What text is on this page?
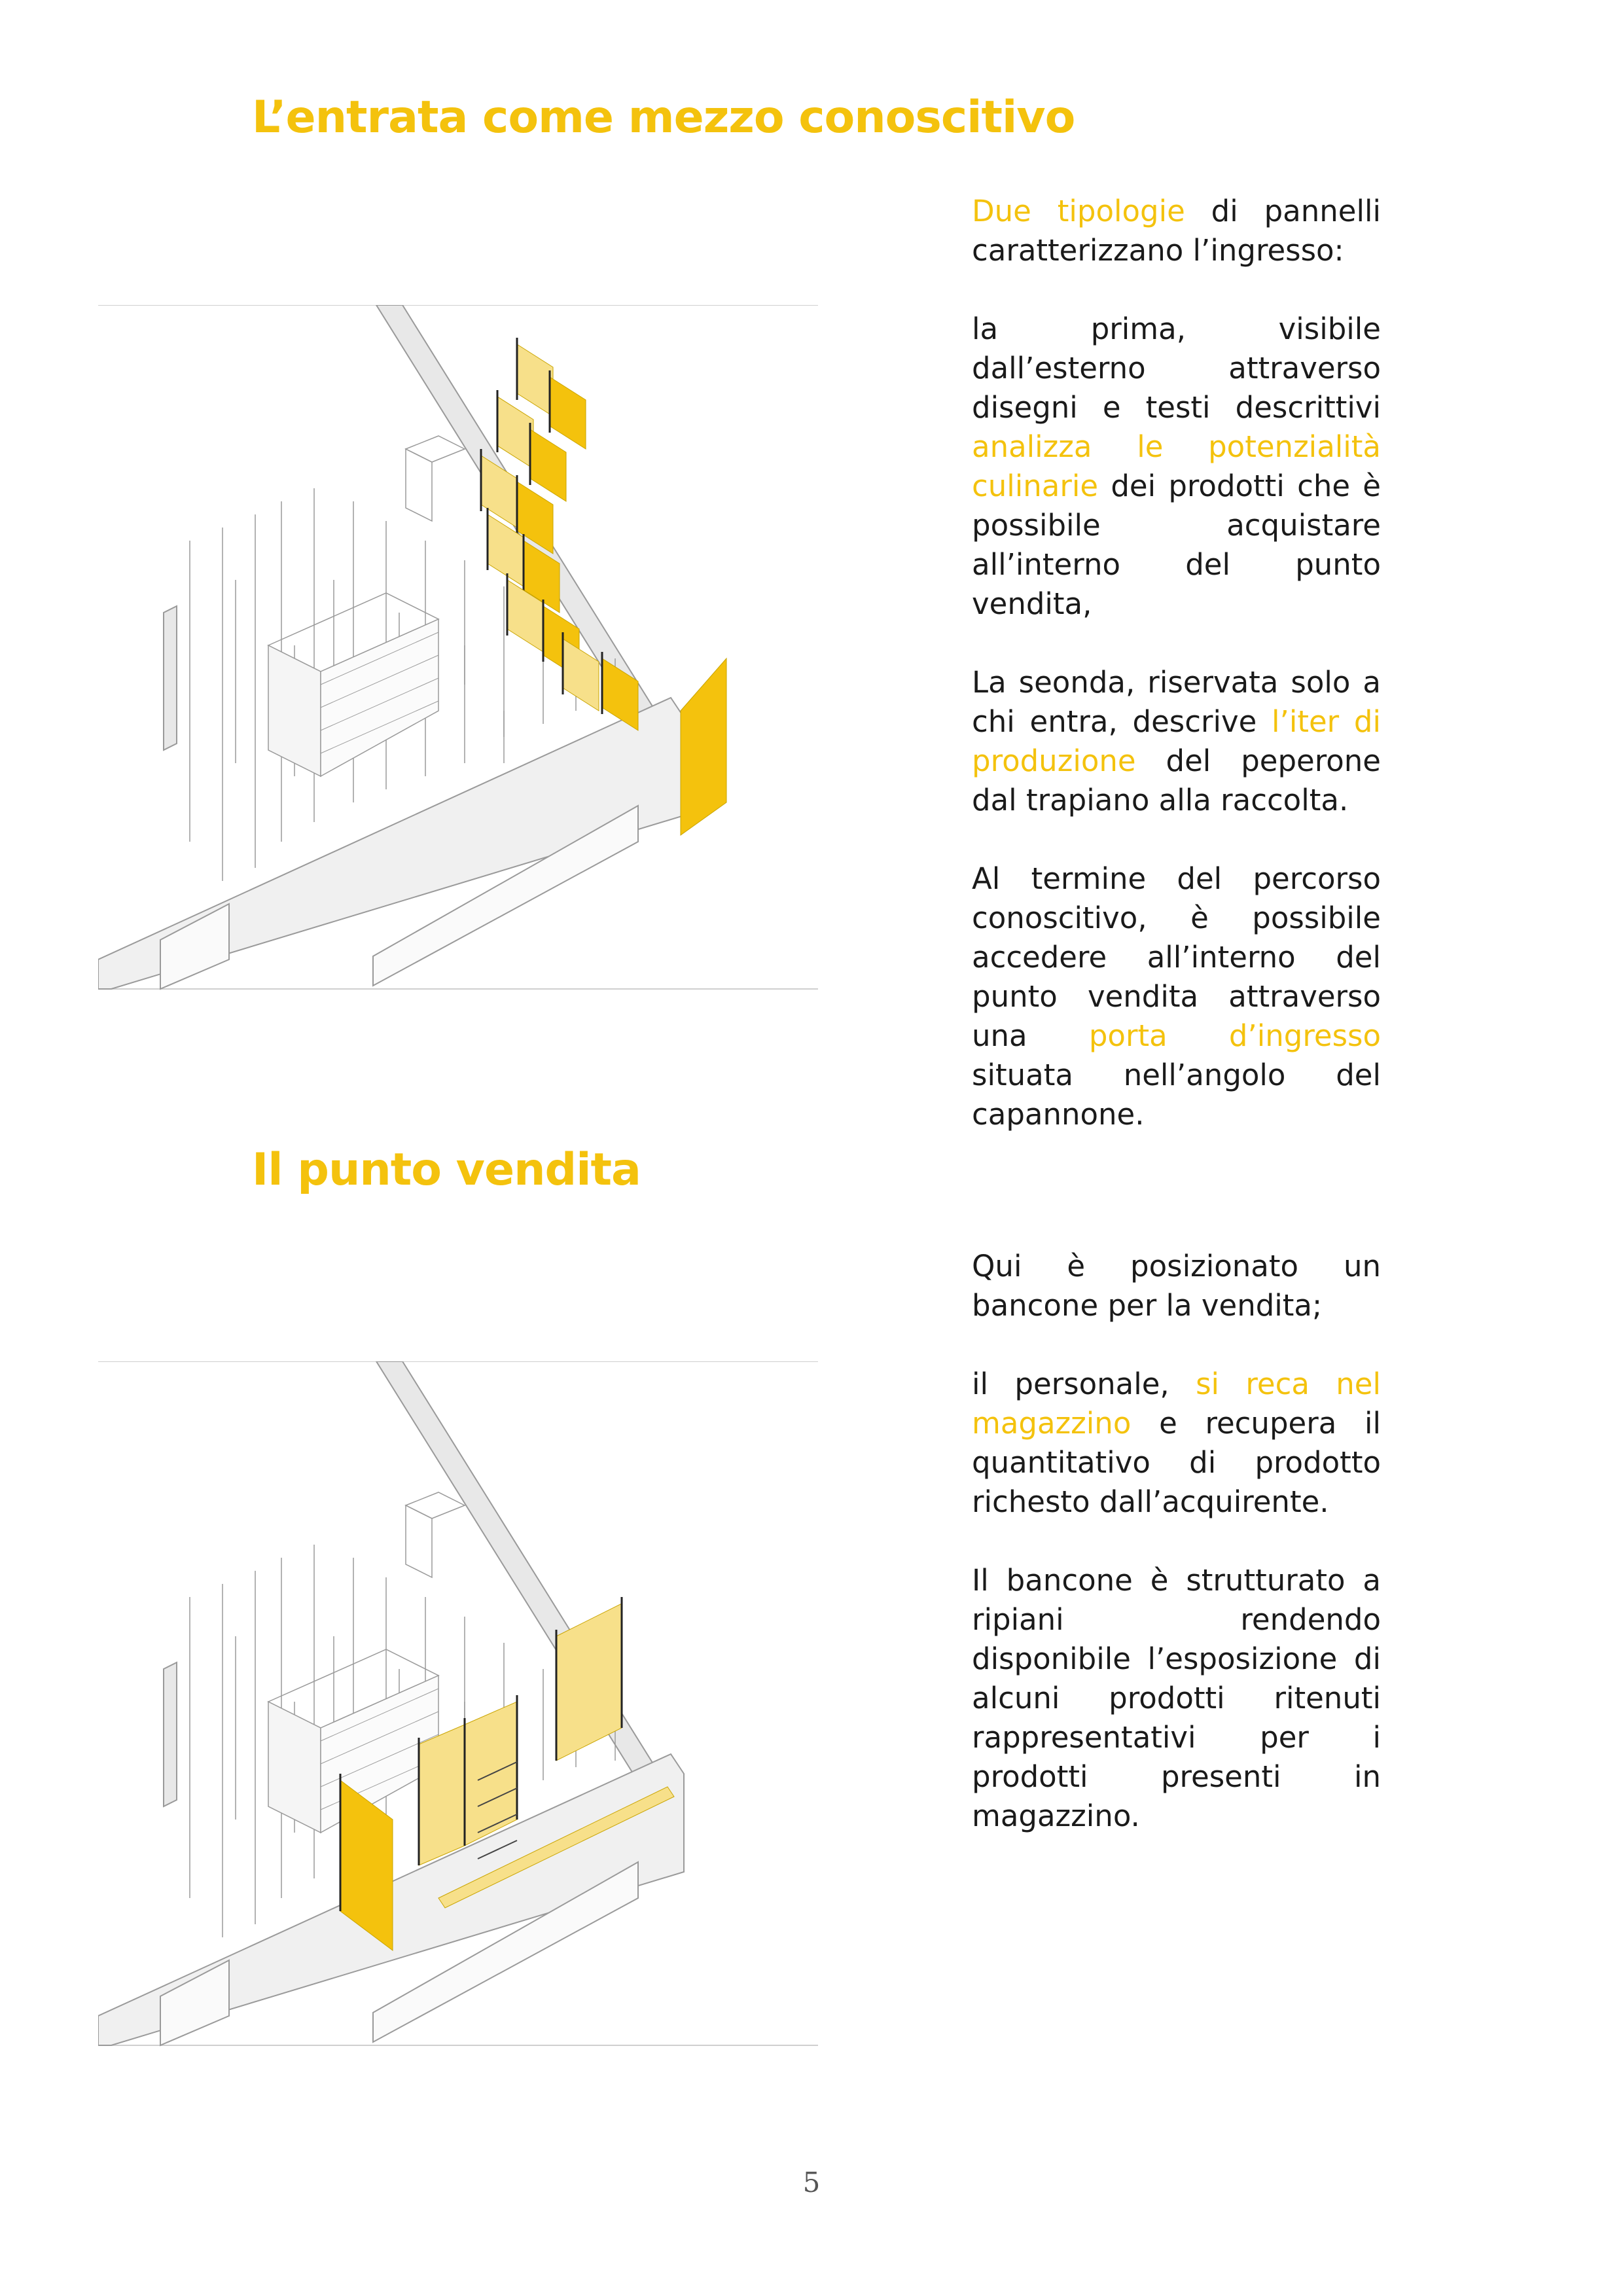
L’entrata come mezzo conoscitivo

Due tipologie di pannelli caratterizzano l’ingresso:

la prima, visibile dall’esterno attraverso disegni e testi descrittivi analizza le potenzialità culinarie dei prodotti che è possibile acquistare all’interno del punto vendita,

La seonda, riservata solo a chi entra, descrive l’iter di produzione del peperone dal trapiano alla raccolta.

Al termine del percorso conoscitivo, è possibile accedere all’interno del punto vendita attraverso una porta d’ingresso situata nell’angolo del capannone.

Il punto vendita

Qui è posizionato un bancone per la vendita;

il personale, si reca nel magazzino e recupera il quantitativo di prodotto richesto dall’acquirente.

Il bancone è strutturato a ripiani rendendo disponibile l’esposizione di alcuni prodotti ritenuti rappresentativi per i prodotti presenti in magazzino.

5
